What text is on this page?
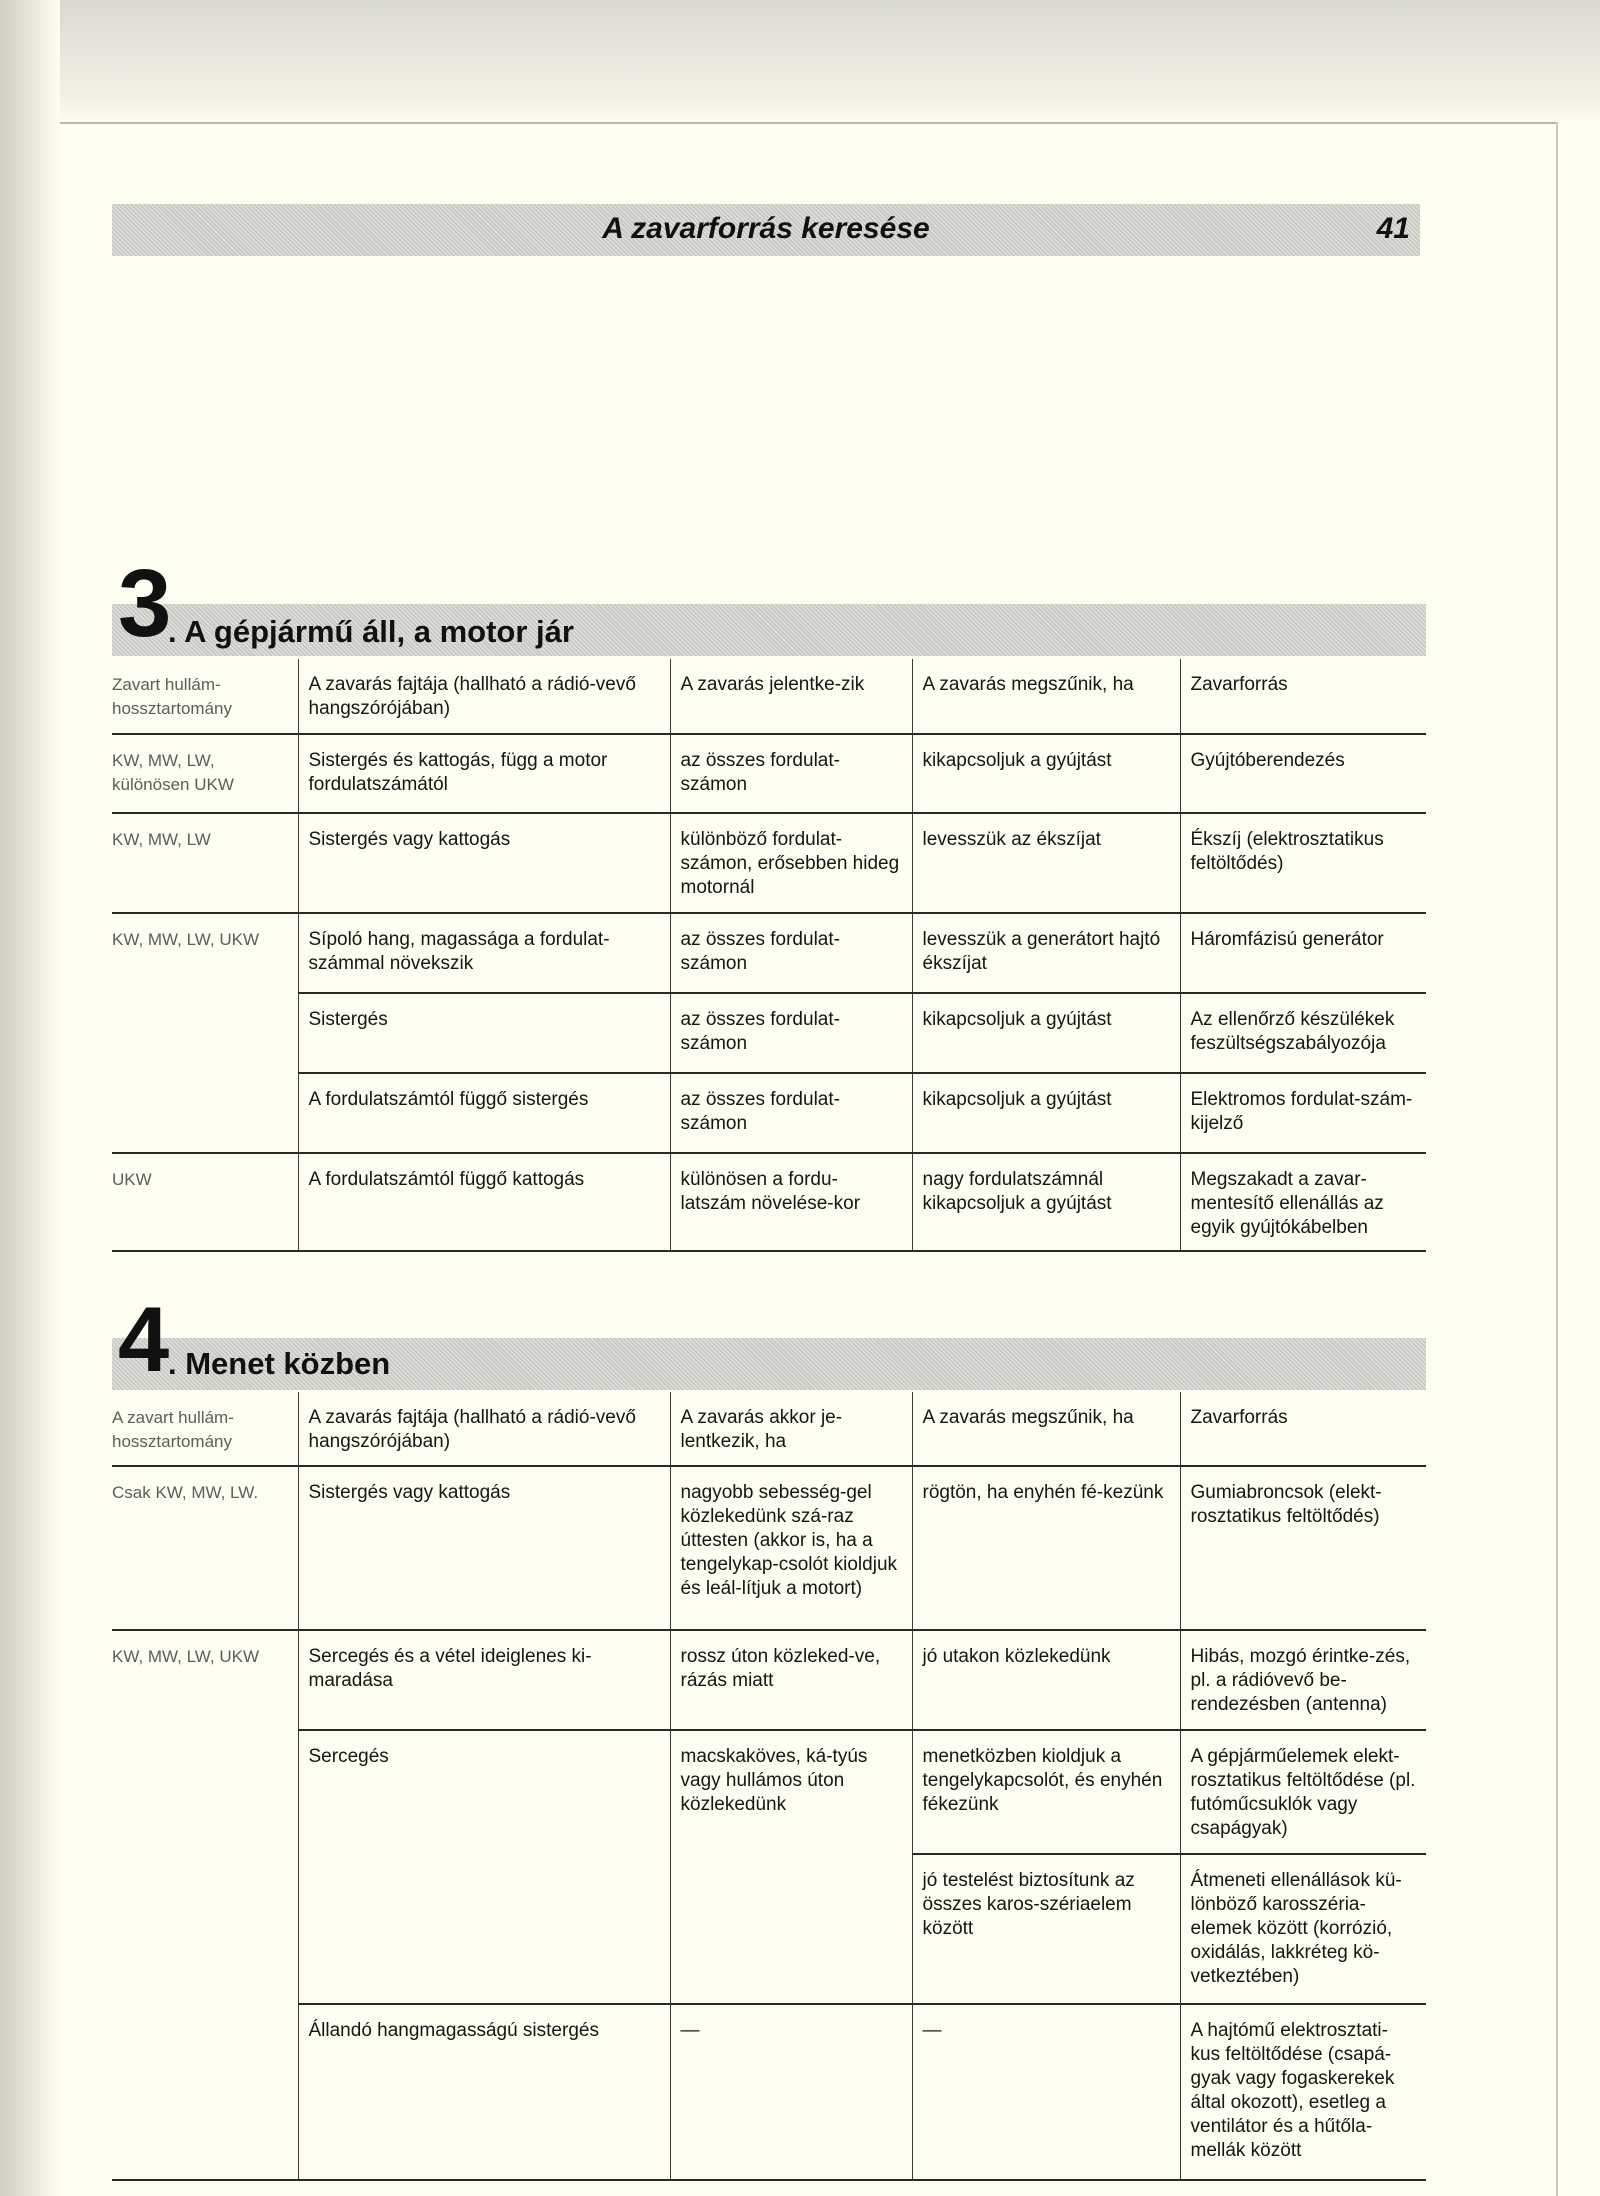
A zavarforrás keresése	41
3
. A gépjármű áll, a motor jár
Zavart hullám-hossztartomány	A zavarás fajtája (hallható a rádió-vevő hangszórójában)	A zavarás jelentke-zik	A zavarás megszűnik, ha	Zavarforrás
KW, MW, LW, különösen UKW	Sistergés és kattogás, függ a motor fordulatszámától	az összes fordulat-számon	kikapcsoljuk a gyújtást	Gyújtóberendezés
KW, MW, LW	Sistergés vagy kattogás	különböző fordulat-számon, erősebben hideg motornál	levesszük az ékszíjat	Ékszíj (elektrosztatikus feltöltődés)
KW, MW, LW, UKW	Sípoló hang, magassága a fordulat-számmal növekszik	az összes fordulat-számon	levesszük a generátort hajtó ékszíjat	Háromfázisú generátor
	Sistergés	az összes fordulat-számon	kikapcsoljuk a gyújtást	Az ellenőrző készülékek feszültségszabályozója
	A fordulatszámtól függő sistergés	az összes fordulat-számon	kikapcsoljuk a gyújtást	Elektromos fordulat-szám-kijelző
UKW	A fordulatszámtól függő kattogás	különösen a fordu-latszám növelése-kor	nagy fordulatszámnál kikapcsoljuk a gyújtást	Megszakadt a zavar-mentesítő ellenállás az egyik gyújtókábelben
4
. Menet közben
A zavart hullám-hossztartomány	A zavarás fajtája (hallható a rádió-vevő hangszórójában)	A zavarás akkor je-lentkezik, ha	A zavarás megszűnik, ha	Zavarforrás
Csak KW, MW, LW.	Sistergés vagy kattogás	nagyobb sebesség-gel közlekedünk szá-raz úttesten (akkor is, ha a tengelykap-csolót kioldjuk és leál-lítjuk a motort)	rögtön, ha enyhén fé-kezünk	Gumiabroncsok (elekt-rosztatikus feltöltődés)
KW, MW, LW, UKW	Sercegés és a vétel ideiglenes ki-maradása	rossz úton közleked-ve, rázás miatt	jó utakon közlekedünk	Hibás, mozgó érintke-zés, pl. a rádióvevő be-rendezésben (antenna)
	Sercegés	macskaköves, ká-tyús vagy hullámos úton közlekedünk	menetközben kioldjuk a tengelykapcsolót, és enyhén fékezünk	A gépjárműelemek elekt-rosztatikus feltöltődése (pl. futóműcsuklók vagy csapágyak)
			jó testelést biztosítunk az összes karos-szériaelem között	Átmeneti ellenállások kü-lönböző karosszéria-elemek között (korrózió, oxidálás, lakkréteg kö-vetkeztében)
	Állandó hangmagasságú sistergés	—	—	A hajtómű elektrosztati-kus feltöltődése (csapá-gyak vagy fogaskerekek által okozott), esetleg a ventilátor és a hűtőla-mellák között
